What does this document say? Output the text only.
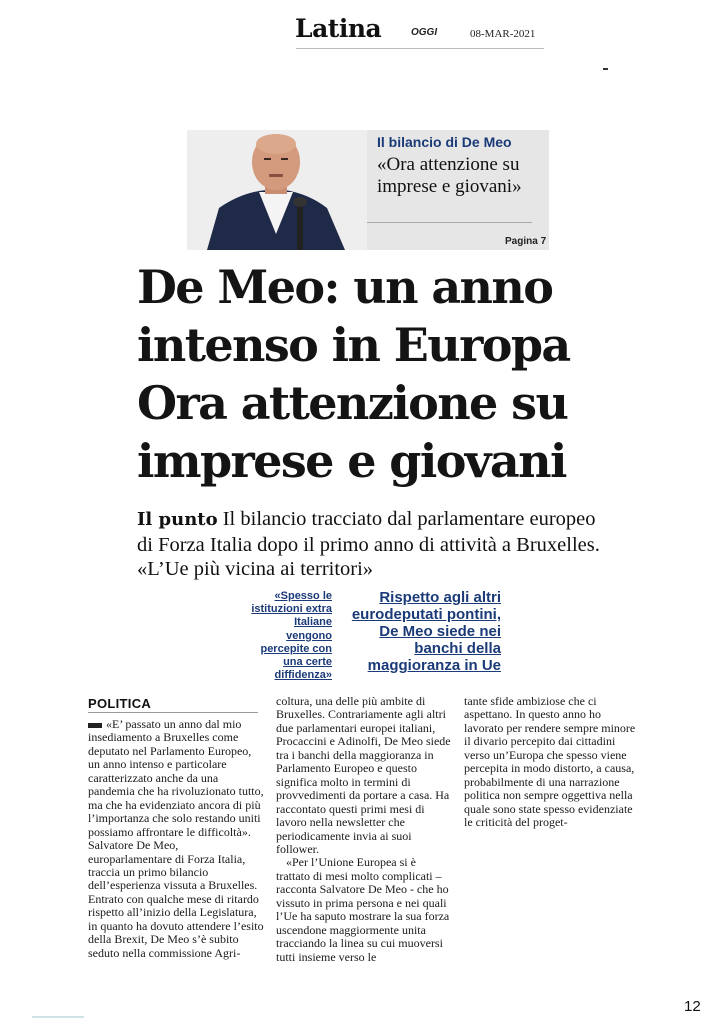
Latina	OGGI	08-MAR-2021
Il bilancio di De Meo
«Ora attenzione su imprese e giovani»
Pagina 7
De Meo: un anno intenso in Europa Ora attenzione su imprese e giovani
Il punto Il bilancio tracciato dal parlamentare europeo di Forza Italia dopo il primo anno di attività a Bruxelles. «L’Ue più vicina ai territori»
«Spesso le istituzioni extra Italiane vengono percepite con una certe diffidenza»
Rispetto agli altri eurodeputati pontini, De Meo siede nei banchi della maggioranza in Ue
POLITICA

«E’ passato un anno dal mio insediamento a Bruxelles come deputato nel Parlamento Europeo, un anno intenso e particolare caratterizzato anche da una pandemia che ha rivoluzionato tutto, ma che ha evidenziato ancora di più l’importanza che solo restando uniti possiamo affrontare le difficoltà». Salvatore De Meo, europarlamentare di Forza Italia, traccia un primo bilancio dell’esperienza vissuta a Bruxelles. Entrato con qualche mese di ritardo rispetto all’inizio della Legislatura, in quanto ha dovuto attendere l’esito della Brexit, De Meo s’è subito seduto nella commissione Agri-

coltura, una delle più ambite di Bruxelles. Contrariamente agli altri due parlamentari europei italiani, Procaccini e Adinolfi, De Meo siede tra i banchi della maggioranza in Parlamento Europeo e questo significa molto in termini di provvedimenti da portare a casa. Ha raccontato questi primi mesi di lavoro nella newsletter che periodicamente invia ai suoi follower.

«Per l’Unione Europea si è trattato di mesi molto complicati – racconta Salvatore De Meo - che ho vissuto in prima persona e nei quali l’Ue ha saputo mostrare la sua forza uscendone maggiormente unita tracciando la linea su cui muoversi tutti insieme verso le

tante sfide ambiziose che ci aspettano. In questo anno ho lavorato per rendere sempre minore il divario percepito dai cittadini verso un’Europa che spesso viene percepita in modo distorto, a causa, probabilmente di una narrazione politica non sempre oggettiva nella quale sono state spesso evidenziate le criticità del proget-

12
